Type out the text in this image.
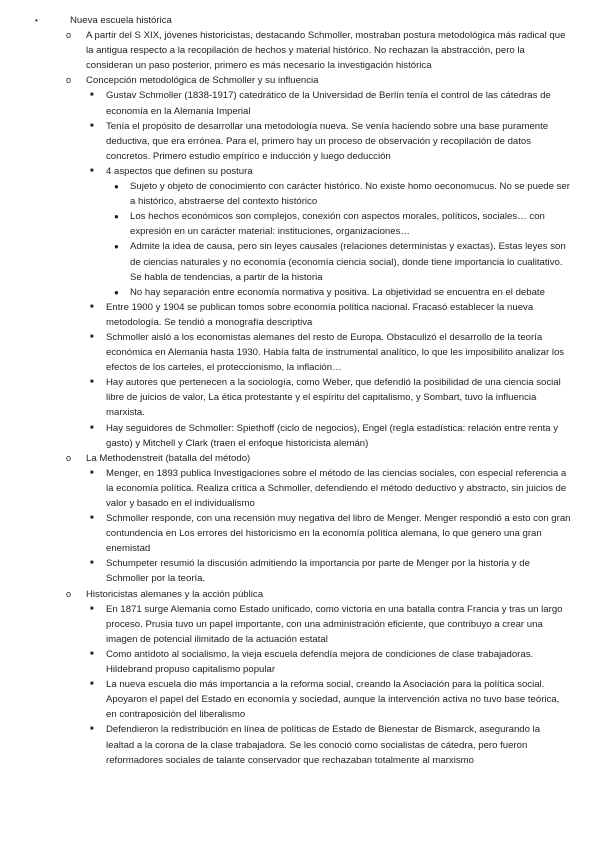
•	Nueva escuela histórica
o A partir del S XIX, jóvenes historicistas, destacando Schmoller, mostraban postura metodológica más radical que la antigua respecto a la recopilación de hechos y material histórico. No rechazan la abstracción, pero la consideran un paso posterior, primero es más necesario la investigación histórica
o Concepción metodológica de Schmoller y su influencia
■ Gustav Schmoller (1838-1917) catedrático de la Universidad de Berlín tenía el control de las cátedras de economía en la Alemania Imperial
■ Tenía el propósito de desarrollar una metodología nueva. Se venía haciendo sobre una base puramente deductiva, que era errónea. Para el, primero hay un proceso de observación y recopilación de datos concretos. Primero estudio empírico e inducción y luego deducción
■ 4 aspectos que definen su postura
● Sujeto y objeto de conocimiento con carácter histórico. No existe homo oeconomucus. No se puede ser a histórico, abstraerse del contexto histórico
● Los hechos económicos son complejos, conexión con aspectos morales, políticos, sociales… con expresión en un carácter material: instituciones, organizaciones…
● Admite la idea de causa, pero sin leyes causales (relaciones deterministas y exactas). Estas leyes son de ciencias naturales y no economía (economía ciencia social), donde tiene importancia lo cualitativo. Se habla de tendencias, a partir de la historia
● No hay separación entre economía normativa y positiva. La objetividad se encuentra en el debate
■ Entre 1900 y 1904 se publican tomos sobre economía política nacional. Fracasó establecer la nueva metodología. Se tendió a monografía descriptiva
■ Schmoller aisló a los economistas alemanes del resto de Europa. Obstaculizó el desarrollo de la teoría económica en Alemania hasta 1930. Había falta de instrumental analítico, lo que les imposibilito analizar los efectos de los carteles, el proteccionismo, la inflación…
■ Hay autores que pertenecen a la sociología, como Weber, que defendió la posibilidad de una ciencia social libre de juicios de valor, La ética protestante y el espíritu del capitalismo, y Sombart, tuvo la influencia marxista.
■ Hay seguidores de Schmoller: Spiethoff (ciclo de negocios), Engel (regla estadística: relación entre renta y gasto) y Mitchell y Clark (traen el enfoque historicista alemán)
o La Methodenstreit (batalla del método)
■ Menger, en 1893 publica Investigaciones sobre el método de las ciencias sociales, con especial referencia a la economía política. Realiza crítica a Schmoller, defendiendo el método deductivo y abstracto, sin juicios de valor y basado en el individualismo
■ Schmoller responde, con una recensión muy negativa del libro de Menger. Menger respondió a esto con gran contundencia en Los errores del historicismo en la economía política alemana, lo que genero una gran enemistad
■ Schumpeter resumió la discusión admitiendo la importancia por parte de Menger por la historia y de Schmoller por la teoría.
o Historicistas alemanes y la acción pública
■ En 1871 surge Alemania como Estado unificado, como victoria en una batalla contra Francia y tras un largo proceso. Prusia tuvo un papel importante, con una administración eficiente, que contribuyo a crear una imagen de potencial ilimitado de la actuación estatal
■ Como antídoto al socialismo, la vieja escuela defendía mejora de condiciones de clase trabajadoras. Hildebrand propuso capitalismo popular
■ La nueva escuela dio más importancia a la reforma social, creando la Asociación para la política social. Apoyaron el papel del Estado en economía y sociedad, aunque la intervención activa no tuvo base teórica, en contraposición del liberalismo
■ Defendieron la redistribución en línea de políticas de Estado de Bienestar de Bismarck, asegurando la lealtad a la corona de la clase trabajadora. Se les conoció como socialistas de cátedra, pero fueron reformadores sociales de talante conservador que rechazaban totalmente al marxismo
